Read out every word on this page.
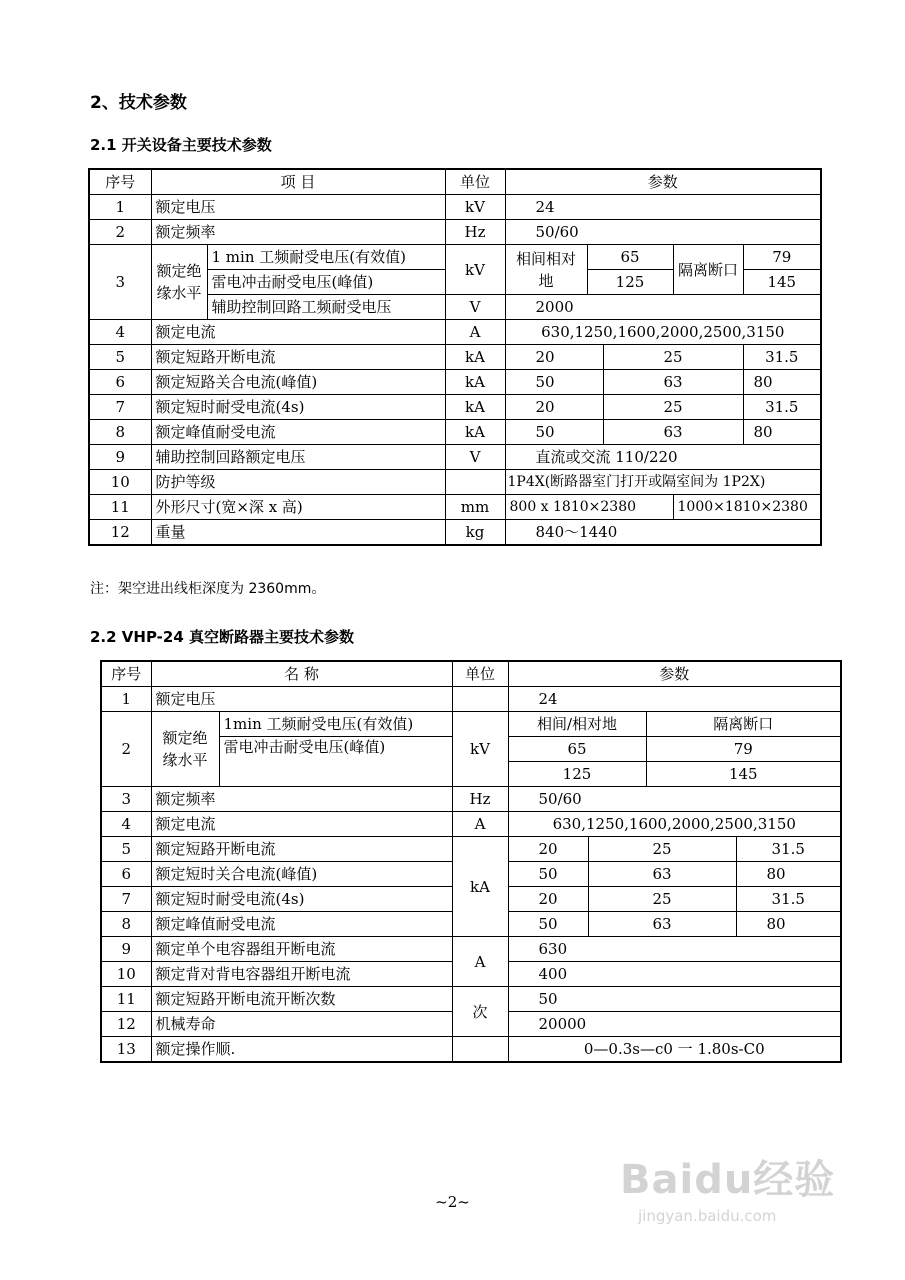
2、技术参数

2.1 开关设备主要技术参数

序号	项 目		单位	参数				
1	额定电压		kV	24				
2	额定频率		Hz	50/60				
3	额定绝缘水平	1 min 工频耐受电压(有效值)	kV	相间相对地	65		隔离断口	79
		雷电冲击耐受电压(峰值)			125			145
		辅助控制回路工频耐受电压	V	2000				
4	额定电流		A	630,1250,1600,2000,2500,3150				
5	额定短路开断电流		kA	20		25		31.5
6	额定短路关合电流(峰值)		kA	50		63		80
7	额定短时耐受电流(4s)		kA	20		25		31.5
8	额定峰值耐受电流		kA	50		63		80
9	辅助控制回路额定电压		V	直流或交流 110/220				
10	防护等级			1P4X(断路器室门打开或隔室间为 1P2X)				
11	外形尺寸(宽×深 x 高)		mm	800 x 1810×2380			1000×1810×2380	
12	重量		kg	840～1440				
注：架空进出线柜深度为 2360mm。

2.2 VHP-24 真空断路器主要技术参数

序号	名 称		单位	参数			
1	额定电压			24			
2	额定绝缘水平	1min 工频耐受电压(有效值)	kV	相间/相对地		隔离断口	
		雷电冲击耐受电压(峰值)		65		79	
				125		145	
3	额定频率		Hz	50/60			
4	额定电流		A	630,1250,1600,2000,2500,3150			
5	额定短路开断电流		kA	20	25		31.5
6	额定短时关合电流(峰值)			50	63		80
7	额定短时耐受电流(4s)			20	25		31.5
8	额定峰值耐受电流			50	63		80
9	额定单个电容器组开断电流		A	630			
10	额定背对背电容器组开断电流			400			
11	额定短路开断电流开断次数		次	50			
12	机械寿命			20000			
13	额定操作顺.			0—0.3s—c0 一 1.80s-C0			
~2~	Baidu经验
jingyan.baidu.com
